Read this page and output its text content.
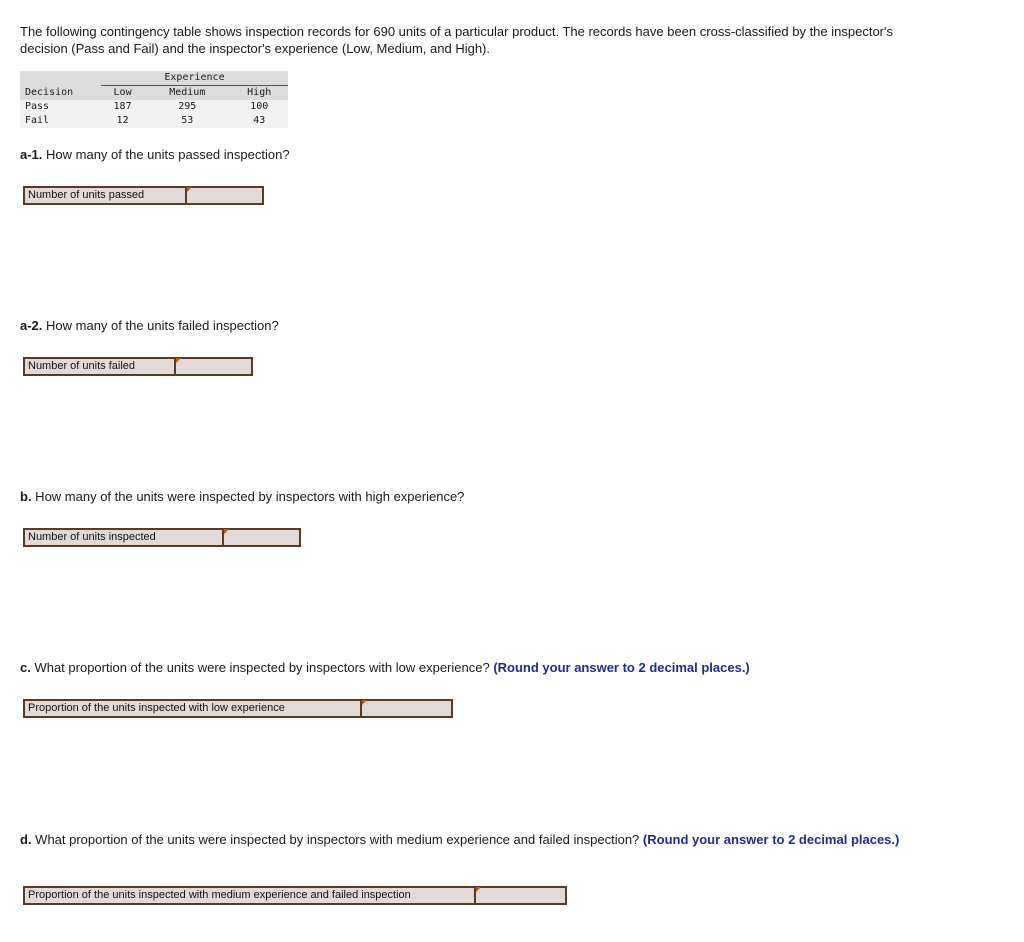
The following contingency table shows inspection records for 690 units of a particular product. The records have been cross-classified by the inspector's decision (Pass and Fail) and the inspector's experience (Low, Medium, and High).
	Experience		
Decision	Low	Medium	High
Pass	187	295	100
Fail	12	53	43
a-1. How many of the units passed inspection?
Number of units passed
a-2. How many of the units failed inspection?
Number of units failed
b. How many of the units were inspected by inspectors with high experience?
Number of units inspected
c. What proportion of the units were inspected by inspectors with low experience? (Round your answer to 2 decimal places.)
Proportion of the units inspected with low experience
d. What proportion of the units were inspected by inspectors with medium experience and failed inspection? (Round your answer to 2 decimal places.)
Proportion of the units inspected with medium experience and failed inspection
